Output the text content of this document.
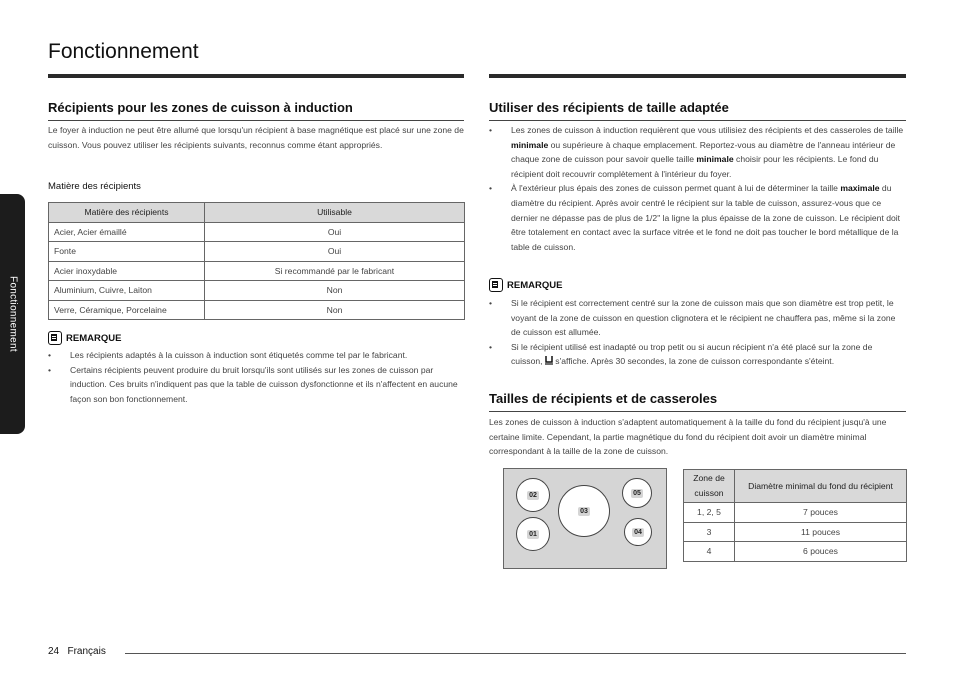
Fonctionnement
Fonctionnement
Récipients pour les zones de cuisson à induction
Le foyer à induction ne peut être allumé que lorsqu'un récipient à base magnétique est placé sur une zone de cuisson. Vous pouvez utiliser les récipients suivants, reconnus comme étant appropriés.
Matière des récipients
Matière des récipients	Utilisable
Acier, Acier émaillé	Oui
Fonte	Oui
Acier inoxydable	Si recommandé par le fabricant
Aluminium, Cuivre, Laiton	Non
Verre, Céramique, Porcelaine	Non
REMARQUE
• Les récipients adaptés à la cuisson à induction sont étiquetés comme tel par le fabricant.
• Certains récipients peuvent produire du bruit lorsqu'ils sont utilisés sur les zones de cuisson par induction. Ces bruits n'indiquent pas que la table de cuisson dysfonctionne et ils n'affectent en aucune façon son bon fonctionnement.
Utiliser des récipients de taille adaptée
• Les zones de cuisson à induction requièrent que vous utilisiez des récipients et des casseroles de taille minimale ou supérieure à chaque emplacement. Reportez-vous au diamètre de l'anneau intérieur de chaque zone de cuisson pour savoir quelle taille minimale choisir pour les récipients. Le fond du récipient doit recouvrir complètement à l'intérieur du foyer.
• À l'extérieur plus épais des zones de cuisson permet quant à lui de déterminer la taille maximale du diamètre du récipient. Après avoir centré le récipient sur la table de cuisson, assurez-vous que ce dernier ne dépasse pas de plus de 1/2" la ligne la plus épaisse de la zone de cuisson. Le récipient doit être totalement en contact avec la surface vitrée et le fond ne doit pas toucher le bord métallique de la table de cuisson.
REMARQUE
• Si le récipient est correctement centré sur la zone de cuisson mais que son diamètre est trop petit, le voyant de la zone de cuisson en question clignotera et le récipient ne chauffera pas, même si la zone de cuisson est allumée.
• Si le récipient utilisé est inadapté ou trop petit ou si aucun récipient n'a été placé sur la zone de cuisson,  s'affiche. Après 30 secondes, la zone de cuisson correspondante s'éteint.
Tailles de récipients et de casseroles
Les zones de cuisson à induction s'adaptent automatiquement à la taille du fond du récipient jusqu'à une certaine limite. Cependant, la partie magnétique du fond du récipient doit avoir un diamètre minimal correspondant à la taille de la zone de cuisson.
02	05
03
01	04
Zone de cuisson	Diamètre minimal du fond du récipient
1, 2, 5	7 pouces
3	11 pouces
4	6 pouces
24 Français
